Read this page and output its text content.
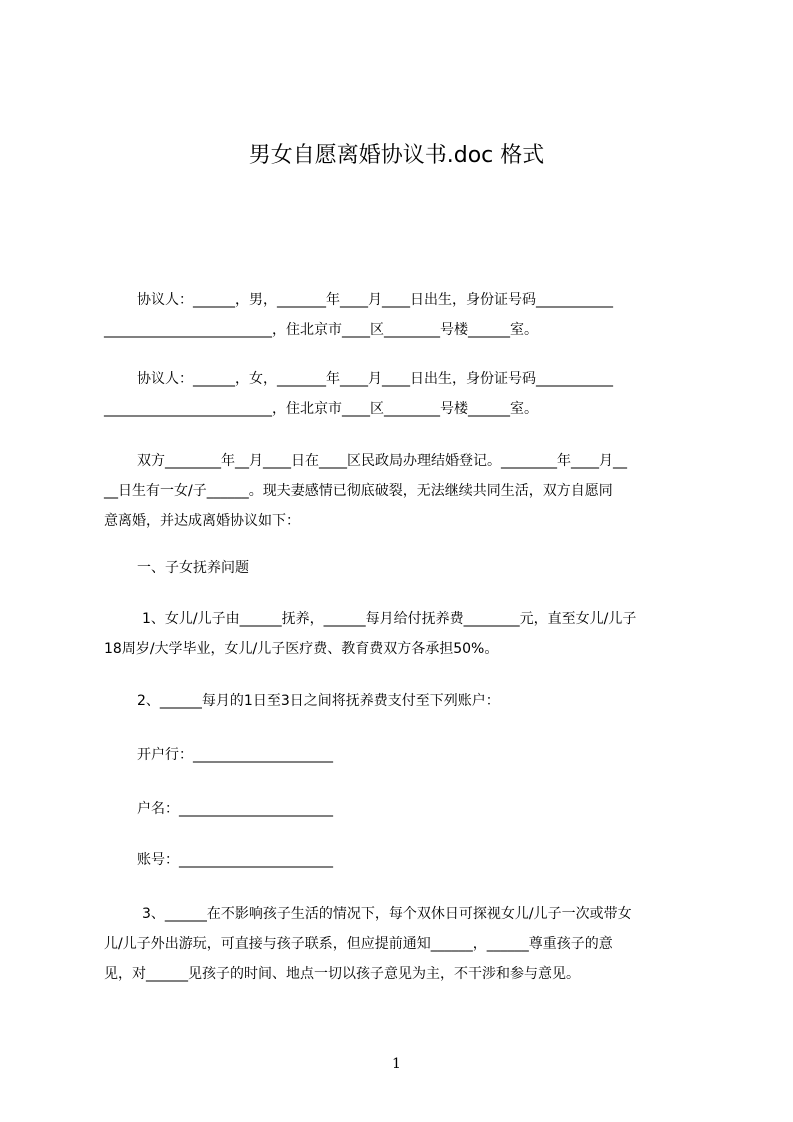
男女自愿离婚协议书.doc 格式
协议人：______，男，_______年____月____日出生，身份证号码___________
________________________，住北京市____区________号楼______室。
协议人：______，女，_______年____月____日出生，身份证号码___________
________________________，住北京市____区________号楼______室。
双方________年__月____日在____区民政局办理结婚登记。________年____月__
__日生有一女/子______。现夫妻感情已彻底破裂，无法继续共同生活，双方自愿同
意离婚，并达成离婚协议如下：
一、子女抚养问题
1、女儿/儿子由______抚养，______每月给付抚养费________元，直至女儿/儿子
18周岁/大学毕业，女儿/儿子医疗费、教育费双方各承担50%。
2、______每月的1日至3日之间将抚养费支付至下列账户：
开户行：____________________
户名：______________________
账号：______________________
3、______在不影响孩子生活的情况下，每个双休日可探视女儿/儿子一次或带女
儿/儿子外出游玩，可直接与孩子联系，但应提前通知______，______尊重孩子的意
见，对______见孩子的时间、地点一切以孩子意见为主，不干涉和参与意见。
1
